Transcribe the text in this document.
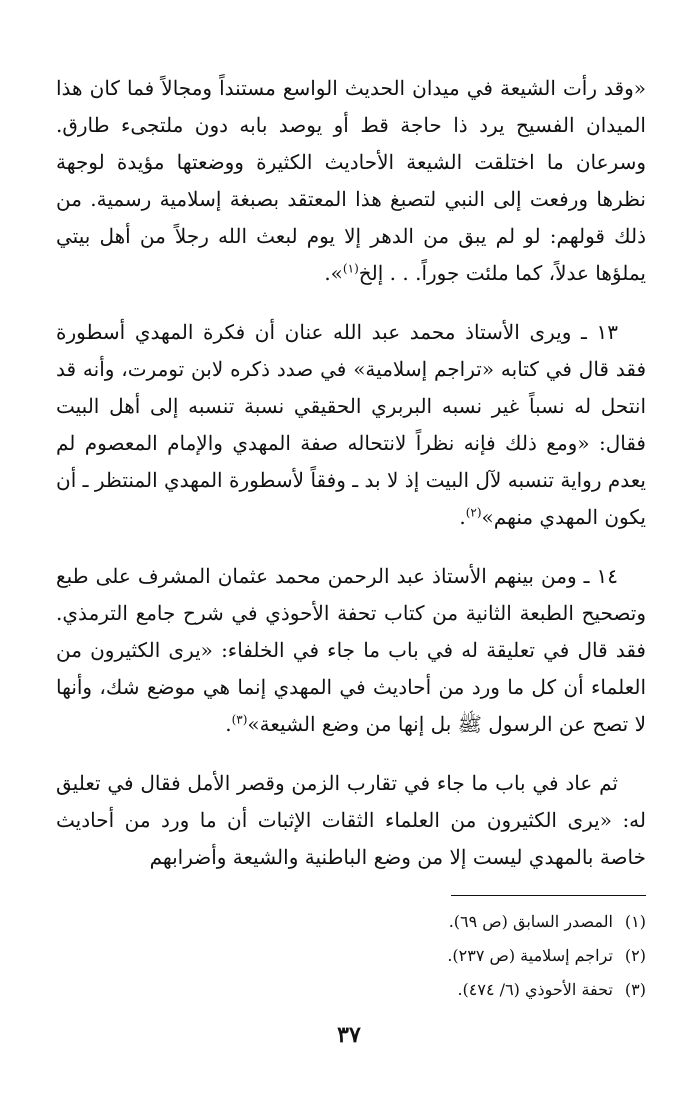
«وقد رأت الشيعة في ميدان الحديث الواسع مستنداً ومجالاً فما كان هذا الميدان الفسيح يرد ذا حاجة قط أو يوصد بابه دون ملتجىء طارق. وسرعان ما اختلقت الشيعة الأحاديث الكثيرة ووضعتها مؤيدة لوجهة نظرها ورفعت إلى النبي لتصبغ هذا المعتقد بصبغة إسلامية رسمية. من ذلك قولهم: لو لم يبق من الدهر إلا يوم لبعث الله رجلاً من أهل بيتي يملؤها عدلاً، كما ملئت جوراً. . . إلخ$^{(١)}$».

١٣ ـ ويرى الأستاذ محمد عبد الله عنان أن فكرة المهدي أسطورة فقد قال في كتابه «تراجم إسلامية» في صدد ذكره لابن تومرت، وأنه قد انتحل له نسباً غير نسبه البربري الحقيقي نسبة تنسبه إلى أهل البيت فقال: «ومع ذلك فإنه نظراً لانتحاله صفة المهدي والإمام المعصوم لم يعدم رواية تنسبه لآل البيت إذ لا بد ـ وفقاً لأسطورة المهدي المنتظر ـ أن يكون المهدي منهم»$^{(٢)}$.

١٤ ـ ومن بينهم الأستاذ عبد الرحمن محمد عثمان المشرف على طبع وتصحيح الطبعة الثانية من كتاب تحفة الأحوذي في شرح جامع الترمذي. فقد قال في تعليقة له في باب ما جاء في الخلفاء: «يرى الكثيرون من العلماء أن كل ما ورد من أحاديث في المهدي إنما هي موضع شك، وأنها لا تصح عن الرسول ﷺ بل إنها من وضع الشيعة»$^{(٣)}$.

ثم عاد في باب ما جاء في تقارب الزمن وقصر الأمل فقال في تعليق له: «يرى الكثيرون من العلماء الثقات الإثبات أن ما ورد من أحاديث خاصة بالمهدي ليست إلا من وضع الباطنية والشيعة وأضرابهم

(١) المصدر السابق (ص ٦٩).
(٢) تراجم إسلامية (ص ٢٣٧).
(٣) تحفة الأحوذي (٦/ ٤٧٤).
٣٧
